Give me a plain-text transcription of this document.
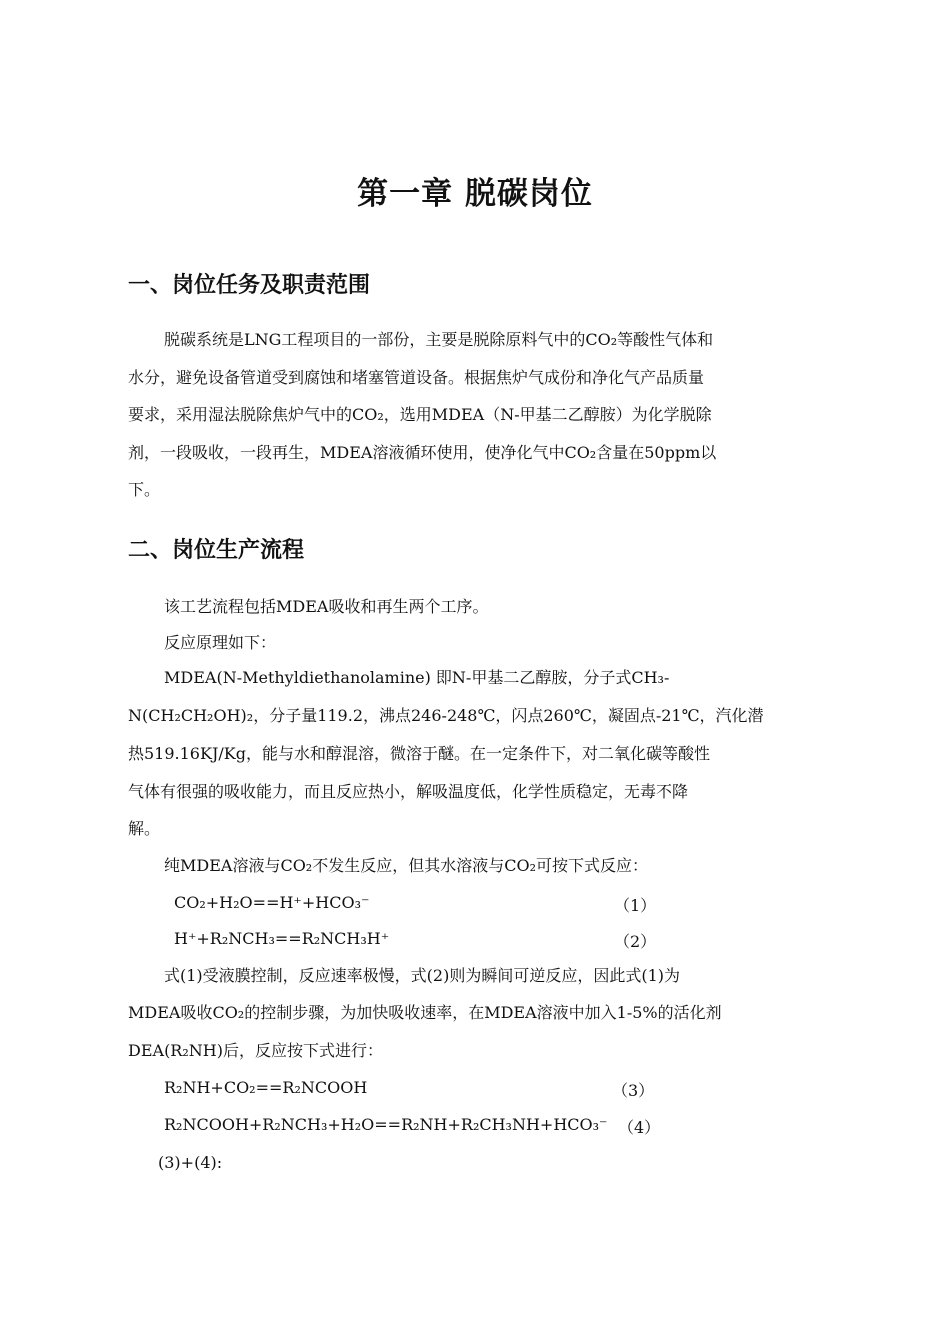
第一章 脱碳岗位
一、岗位任务及职责范围
脱碳系统是LNG工程项目的一部份，主要是脱除原料气中的CO₂等酸性气体和
水分，避免设备管道受到腐蚀和堵塞管道设备。根据焦炉气成份和净化气产品质量
要求，采用湿法脱除焦炉气中的CO₂，选用MDEA（N-甲基二乙醇胺）为化学脱除
剂，一段吸收，一段再生，MDEA溶液循环使用，使净化气中CO₂含量在50ppm以
下。
二、岗位生产流程
该工艺流程包括MDEA吸收和再生两个工序。
反应原理如下：
MDEA(N-Methyldiethanolamine) 即N-甲基二乙醇胺，分子式CH₃-
N(CH₂CH₂OH)₂，分子量119.2，沸点246-248℃，闪点260℃，凝固点-21℃，汽化潜
热519.16KJ/Kg，能与水和醇混溶，微溶于醚。在一定条件下，对二氧化碳等酸性
气体有很强的吸收能力，而且反应热小，解吸温度低，化学性质稳定，无毒不降
解。
纯MDEA溶液与CO₂不发生反应，但其水溶液与CO₂可按下式反应：
CO₂+H₂O==H⁺+HCO₃⁻	（1）
H⁺+R₂NCH₃==R₂NCH₃H⁺	（2）
式(1)受液膜控制，反应速率极慢，式(2)则为瞬间可逆反应，因此式(1)为
MDEA吸收CO₂的控制步骤，为加快吸收速率，在MDEA溶液中加入1-5%的活化剂
DEA(R₂NH)后，反应按下式进行：
R₂NH+CO₂==R₂NCOOH	（3）
R₂NCOOH+R₂NCH₃+H₂O==R₂NH+R₂CH₃NH+HCO₃⁻ （4）
(3)+(4):
